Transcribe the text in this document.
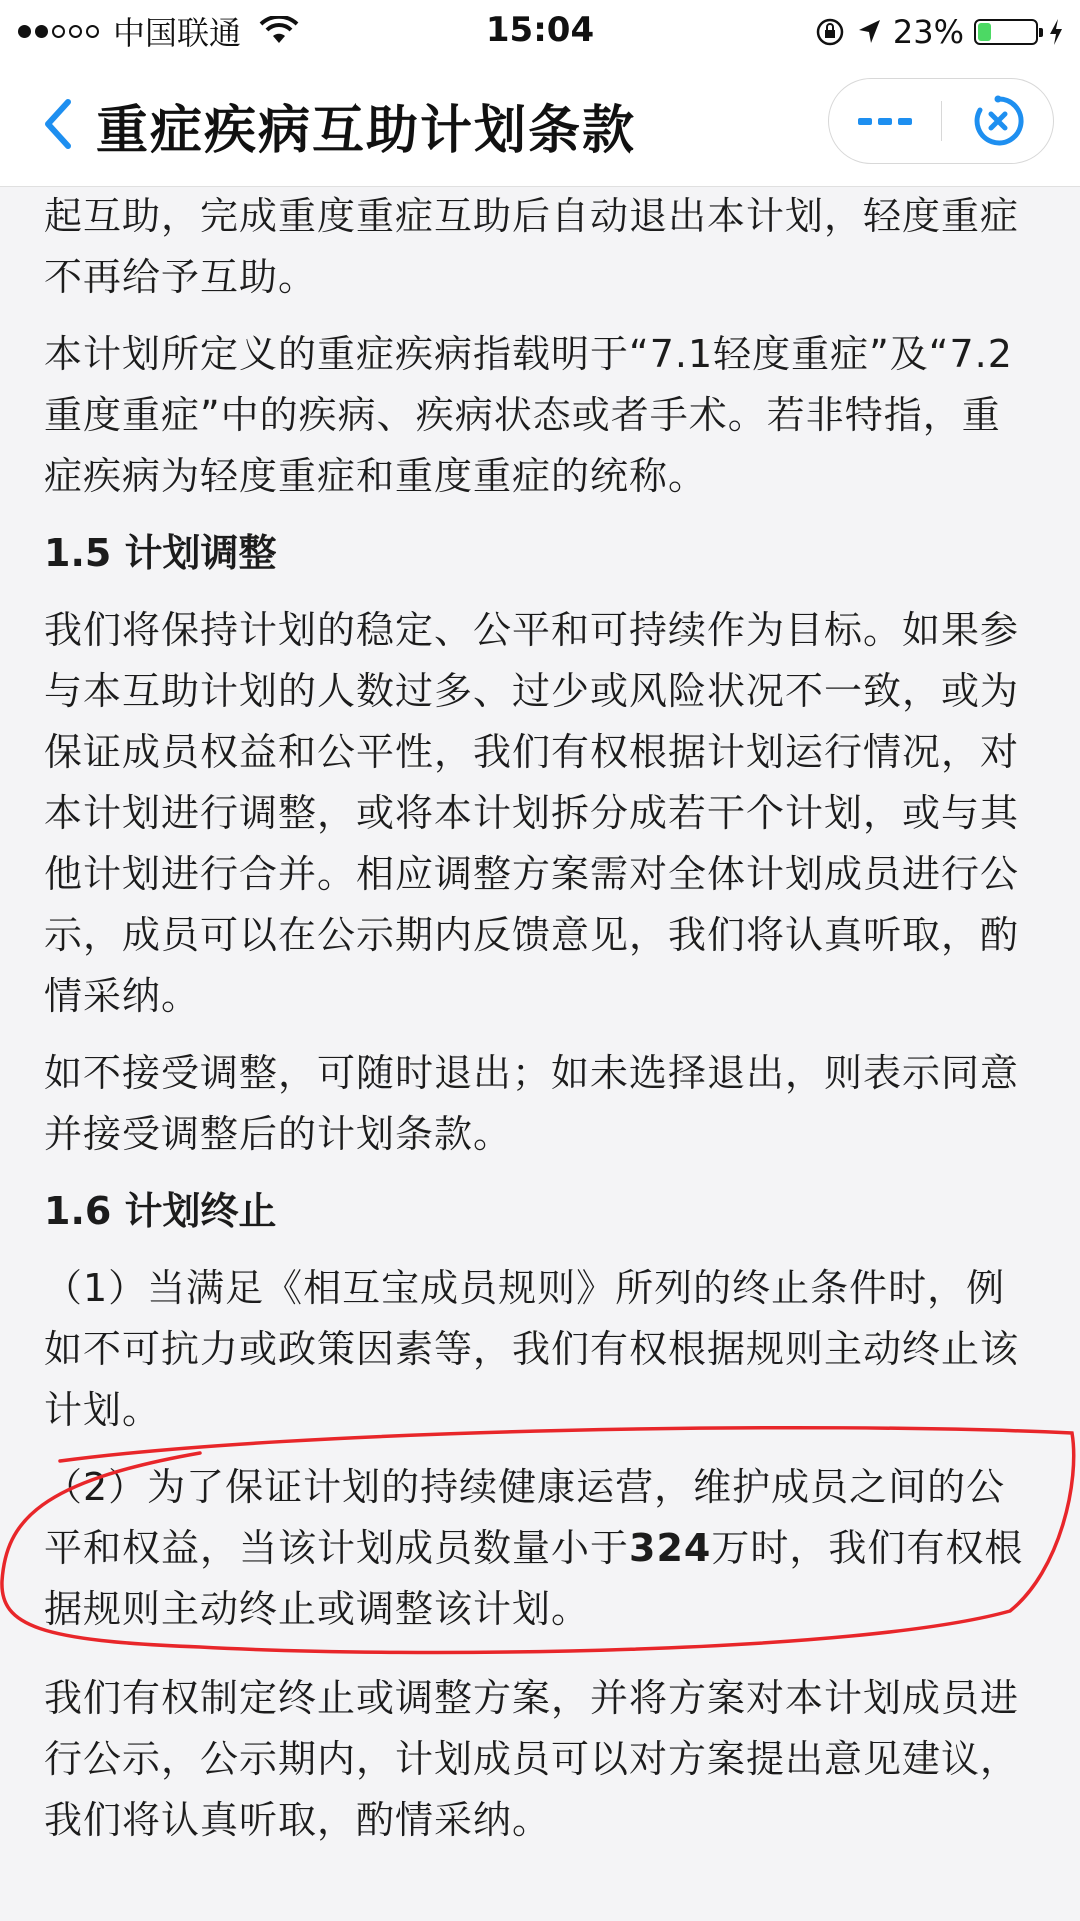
中国联通	15:04	23%
重症疾病互助计划条款

起互助，完成重度重症互助后自动退出本计划，轻度重症不再给予互助。

本计划所定义的重症疾病指载明于“7.1轻度重症”及“7.2重度重症”中的疾病、疾病状态或者手术。若非特指，重症疾病为轻度重症和重度重症的统称。

1.5 计划调整

我们将保持计划的稳定、公平和可持续作为目标。如果参与本互助计划的人数过多、过少或风险状况不一致，或为保证成员权益和公平性，我们有权根据计划运行情况，对本计划进行调整，或将本计划拆分成若干个计划，或与其他计划进行合并。相应调整方案需对全体计划成员进行公示，成员可以在公示期内反馈意见，我们将认真听取，酌情采纳。

如不接受调整，可随时退出；如未选择退出，则表示同意并接受调整后的计划条款。

1.6 计划终止

（1）当满足《相互宝成员规则》所列的终止条件时，例如不可抗力或政策因素等，我们有权根据规则主动终止该计划。

（2）为了保证计划的持续健康运营，维护成员之间的公平和权益，当该计划成员数量小于324万时，我们有权根据规则主动终止或调整该计划。

我们有权制定终止或调整方案，并将方案对本计划成员进行公示，公示期内，计划成员可以对方案提出意见建议，我们将认真听取，酌情采纳。
